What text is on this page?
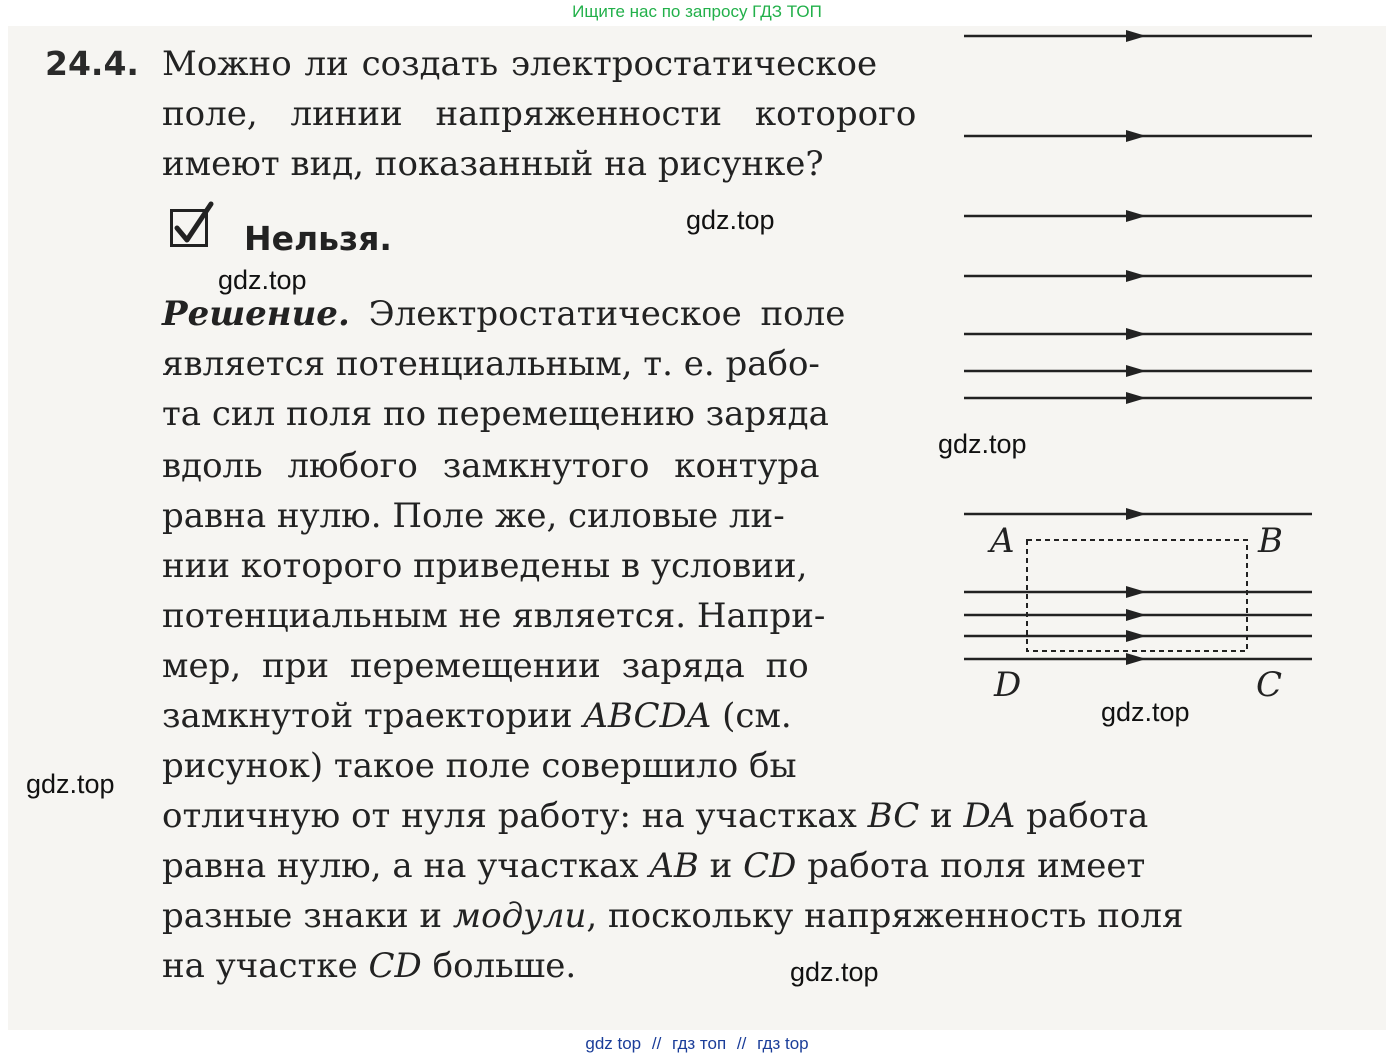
Ищите нас по запросу ГДЗ ТОП
24.4. Можно ли создать электростатическое
поле, линии напряженности которого
имеют вид, показанный на рисунке?
Нельзя.
Решение. Электростатическое поле
является потенциальным, т. е. рабо-
та сил поля по перемещению заряда
вдоль любого замкнутого контура
равна нулю. Поле же, силовые ли-
нии которого приведены в условии,
потенциальным не является. Напри-
мер, при перемещении заряда по
замкнутой траектории ABCDA (см.
рисунок) такое поле совершило бы
отличную от нуля работу: на участках BC и DA работа
равна нулю, а на участках AB и CD работа поля имеет
разные знаки и модули, поскольку напряженность поля
на участке CD больше.
A	B
D	C
gdz.top
gdz.top
gdz.top
gdz.top
gdz.top
gdz.top
gdz top // гдз топ // гдз top
